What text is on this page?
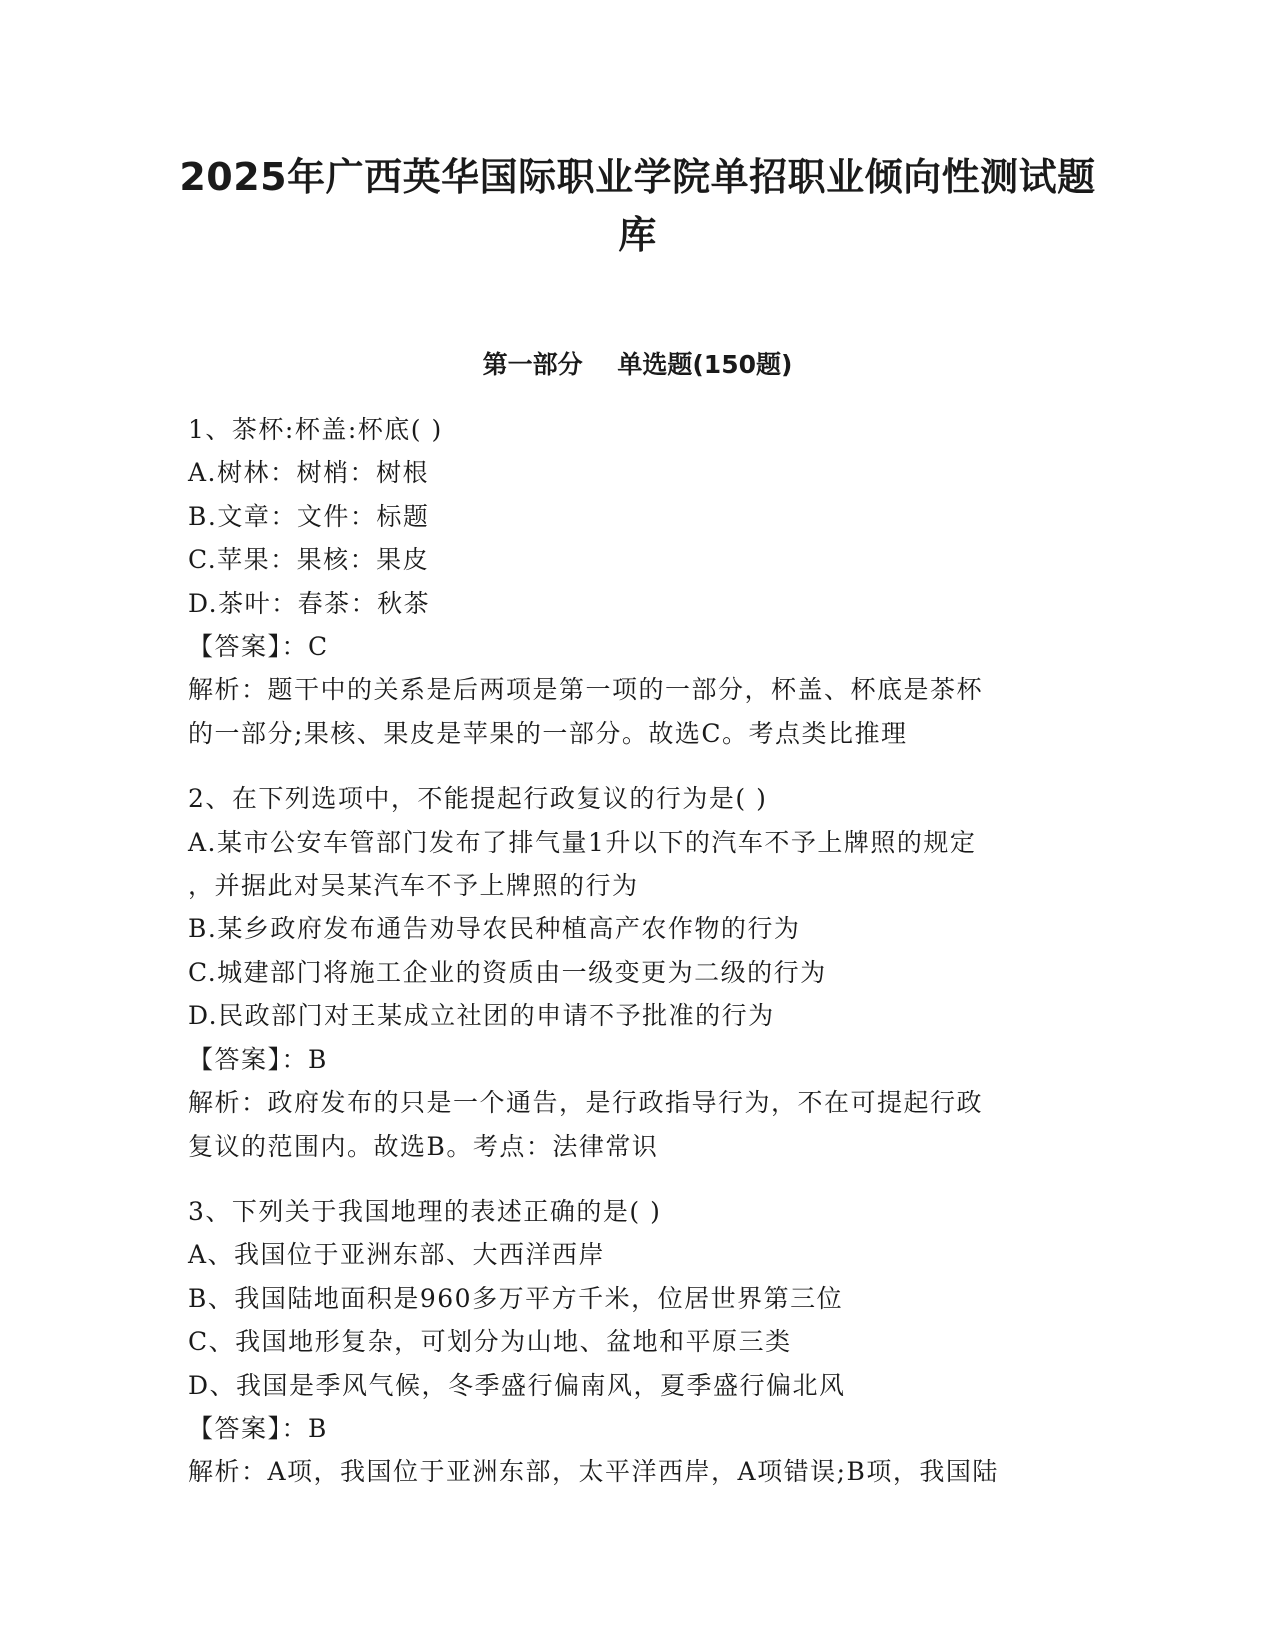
2025年广西英华国际职业学院单招职业倾向性测试题
库
第一部分    单选题(150题)
1、茶杯:杯盖:杯底( )
A.树林：树梢：树根
B.文章：文件：标题
C.苹果：果核：果皮
D.茶叶：春茶：秋茶
【答案】：C
解析：题干中的关系是后两项是第一项的一部分，杯盖、杯底是茶杯
的一部分;果核、果皮是苹果的一部分。故选C。考点类比推理
2、在下列选项中，不能提起行政复议的行为是( )
A.某市公安车管部门发布了排气量1升以下的汽车不予上牌照的规定
，并据此对吴某汽车不予上牌照的行为
B.某乡政府发布通告劝导农民种植高产农作物的行为
C.城建部门将施工企业的资质由一级变更为二级的行为
D.民政部门对王某成立社团的申请不予批准的行为
【答案】：B
解析：政府发布的只是一个通告，是行政指导行为，不在可提起行政
复议的范围内。故选B。考点：法律常识
3、下列关于我国地理的表述正确的是( )
A、我国位于亚洲东部、大西洋西岸
B、我国陆地面积是960多万平方千米，位居世界第三位
C、我国地形复杂，可划分为山地、盆地和平原三类
D、我国是季风气候，冬季盛行偏南风，夏季盛行偏北风
【答案】：B
解析：A项，我国位于亚洲东部，太平洋西岸，A项错误;B项，我国陆
